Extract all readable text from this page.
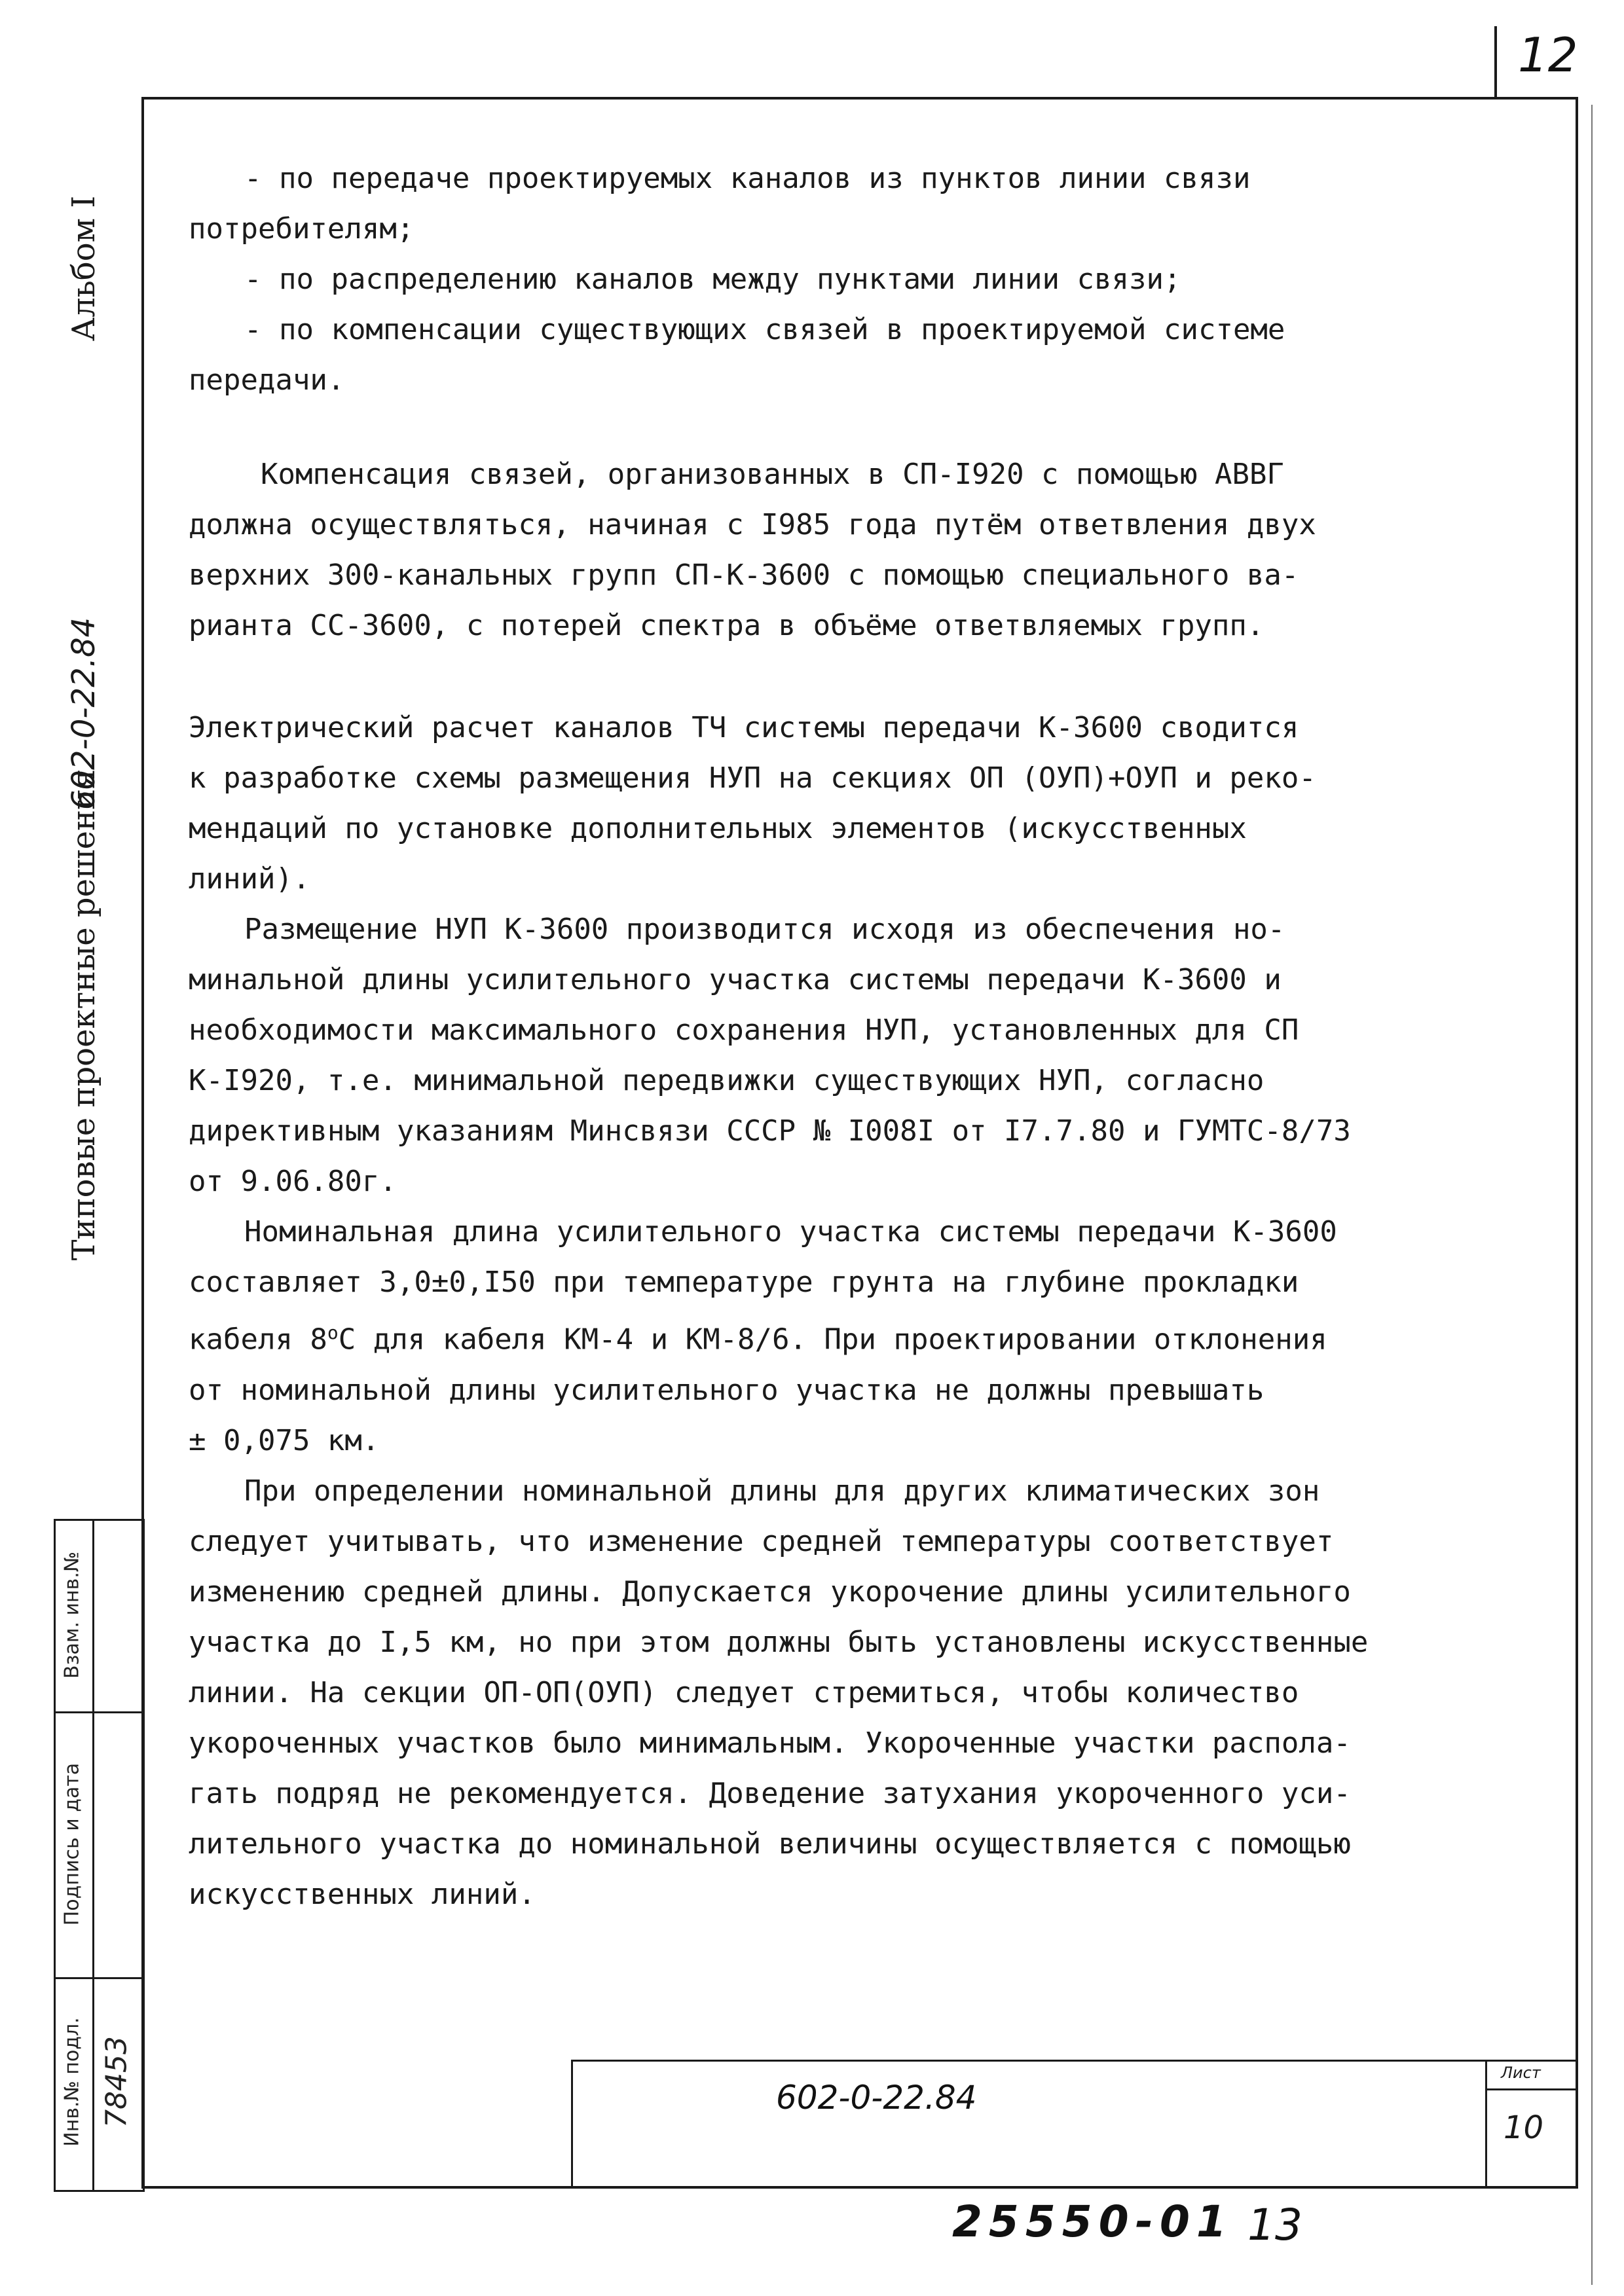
12
Альбом I
602-0-22.84
Типовые проектные решения
Взам. инв.№
Подпись и дата
Инв.№ подл. 78453
- по передаче проектируемых каналов из пунктов линии связи
потребителям;
- по распределению каналов между пунктами линии связи;
- по компенсации существующих связей в проектируемой системе
передачи.
Компенсация связей, организованных в СП-I920 с помощью АВВГ
должна осуществляться, начиная с I985 года путём ответвления двух
верхних 300-канальных групп СП-К-3600 с помощью специального ва-
рианта СС-3600, с потерей спектра в объёме ответвляемых групп.
Электрический расчет каналов ТЧ системы передачи К-3600 сводится
к разработке схемы размещения НУП на секциях ОП (ОУП)+ОУП и реко-
мендаций по установке дополнительных элементов (искусственных
линий).
Размещение НУП К-3600 производится исходя из обеспечения но-
минальной длины усилительного участка системы передачи К-3600 и
необходимости максимального сохранения НУП, установленных для СП
К-I920, т.е. минимальной передвижки существующих НУП, согласно
директивным указаниям Минсвязи СССР № I008I от I7.7.80 и ГУМТС-8/73
от 9.06.80г.
Номинальная длина усилительного участка системы передачи К-3600
составляет 3,0±0,I50 при температуре грунта на глубине прокладки
кабеля $8^оС$ для кабеля КМ-4 и КМ-8/6. При проектировании отклонения
от номинальной длины усилительного участка не должны превышать
± 0,075 км.
При определении номинальной длины для других климатических зон
следует учитывать, что изменение средней температуры соответствует
изменению средней длины. Допускается укорочение длины усилительного
участка до I,5 км, но при этом должны быть установлены искусственные
линии. На секции ОП-ОП(ОУП) следует стремиться, чтобы количество
укороченных участков было минимальным. Укороченные участки распола-
гать подряд не рекомендуется. Доведение затухания укороченного уси-
лительного участка до номинальной величины осуществляется с помощью
искусственных линий.
602-0-22.84
Лист
10
25550-01 13
